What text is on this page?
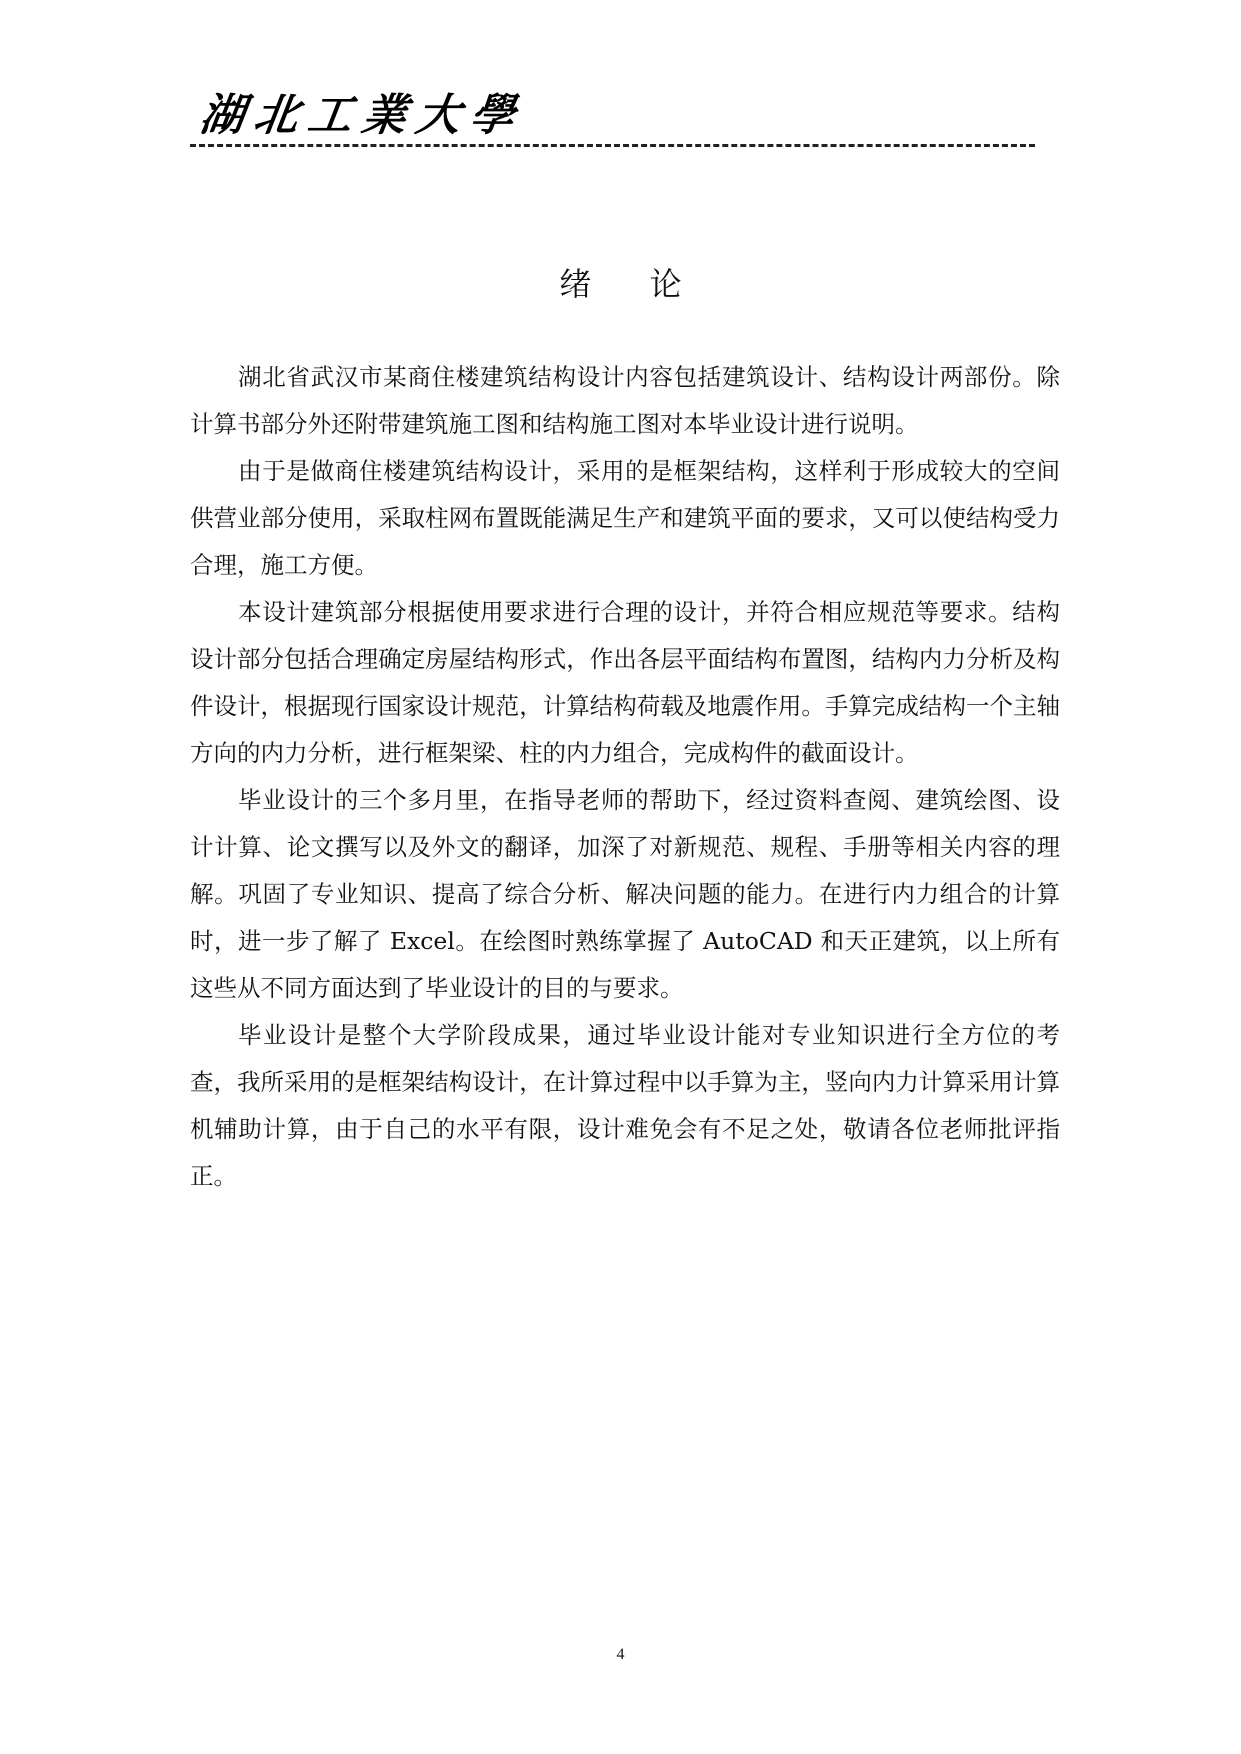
湖北工業大學
绪 论

湖北省武汉市某商住楼建筑结构设计内容包括建筑设计、结构设计两部份。除计算书部分外还附带建筑施工图和结构施工图对本毕业设计进行说明。

由于是做商住楼建筑结构设计，采用的是框架结构，这样利于形成较大的空间供营业部分使用，采取柱网布置既能满足生产和建筑平面的要求，又可以使结构受力合理，施工方便。

本设计建筑部分根据使用要求进行合理的设计，并符合相应规范等要求。结构设计部分包括合理确定房屋结构形式，作出各层平面结构布置图，结构内力分析及构件设计，根据现行国家设计规范，计算结构荷载及地震作用。手算完成结构一个主轴方向的内力分析，进行框架梁、柱的内力组合，完成构件的截面设计。

毕业设计的三个多月里，在指导老师的帮助下，经过资料查阅、建筑绘图、设计计算、论文撰写以及外文的翻译，加深了对新规范、规程、手册等相关内容的理解。巩固了专业知识、提高了综合分析、解决问题的能力。在进行内力组合的计算时，进一步了解了 Excel。在绘图时熟练掌握了 AutoCAD 和天正建筑，以上所有这些从不同方面达到了毕业设计的目的与要求。

毕业设计是整个大学阶段成果，通过毕业设计能对专业知识进行全方位的考查，我所采用的是框架结构设计，在计算过程中以手算为主，竖向内力计算采用计算机辅助计算，由于自己的水平有限，设计难免会有不足之处，敬请各位老师批评指正。

4
